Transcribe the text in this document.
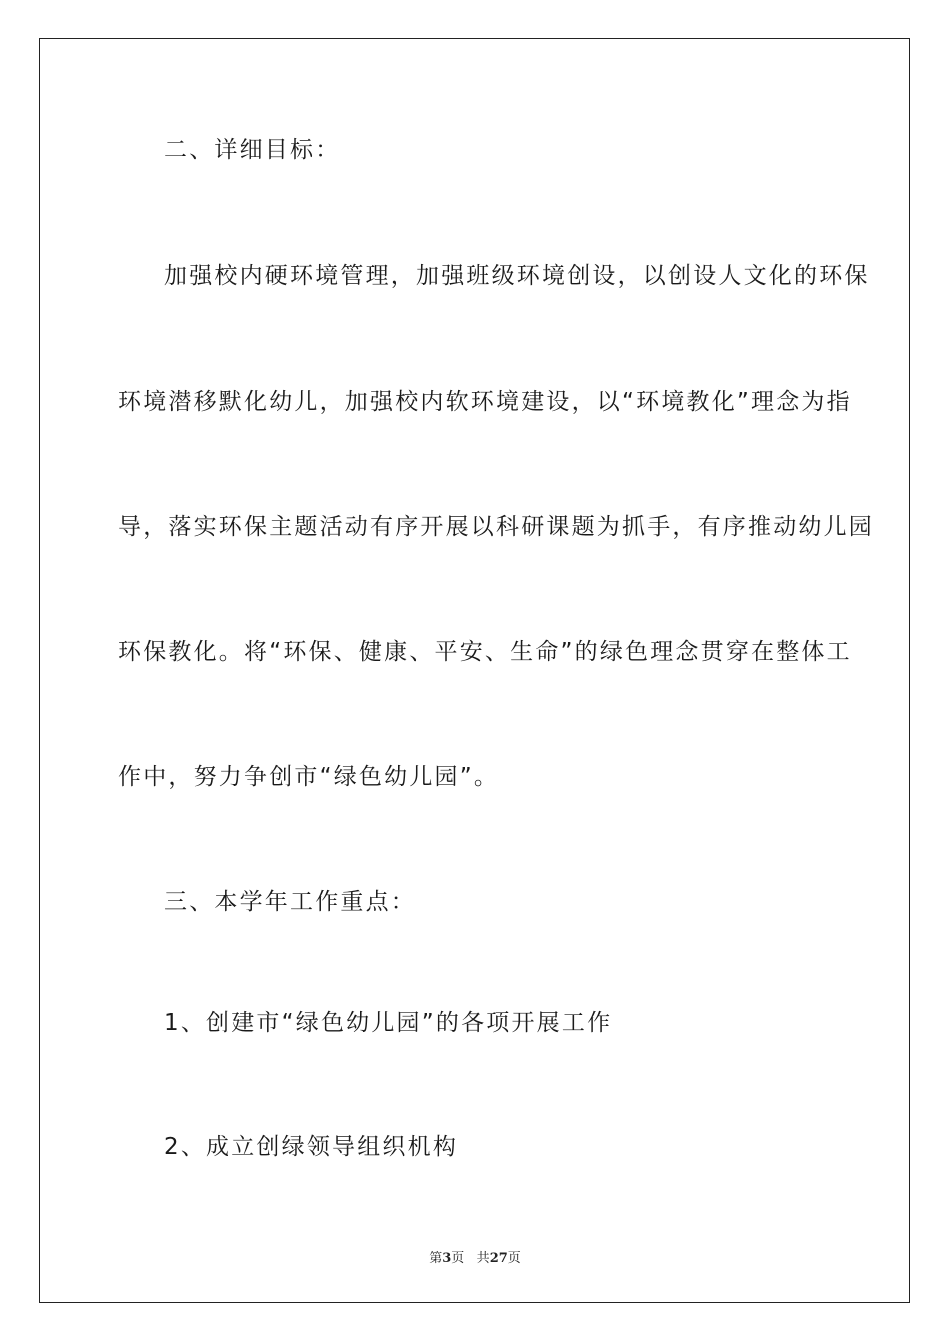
二、详细目标：

加强校内硬环境管理，加强班级环境创设，以创设人文化的环保

环境潜移默化幼儿，加强校内软环境建设，以“环境教化”理念为指

导，落实环保主题活动有序开展以科研课题为抓手，有序推动幼儿园

环保教化。将“环保、健康、平安、生命”的绿色理念贯穿在整体工

作中，努力争创市“绿色幼儿园”。

三、本学年工作重点：

1、创建市“绿色幼儿园”的各项开展工作

2、成立创绿领导组织机构

第3页 共27页
